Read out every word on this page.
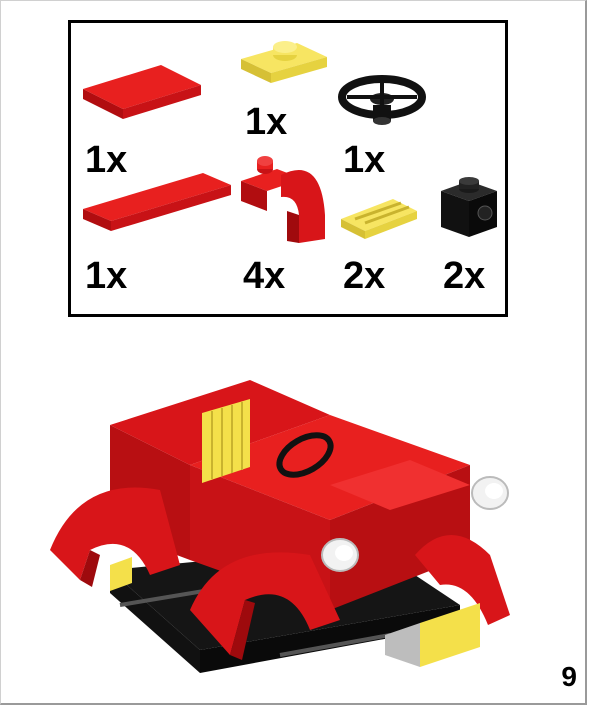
1x
1x
1x
1x	4x 2x 2x
9
